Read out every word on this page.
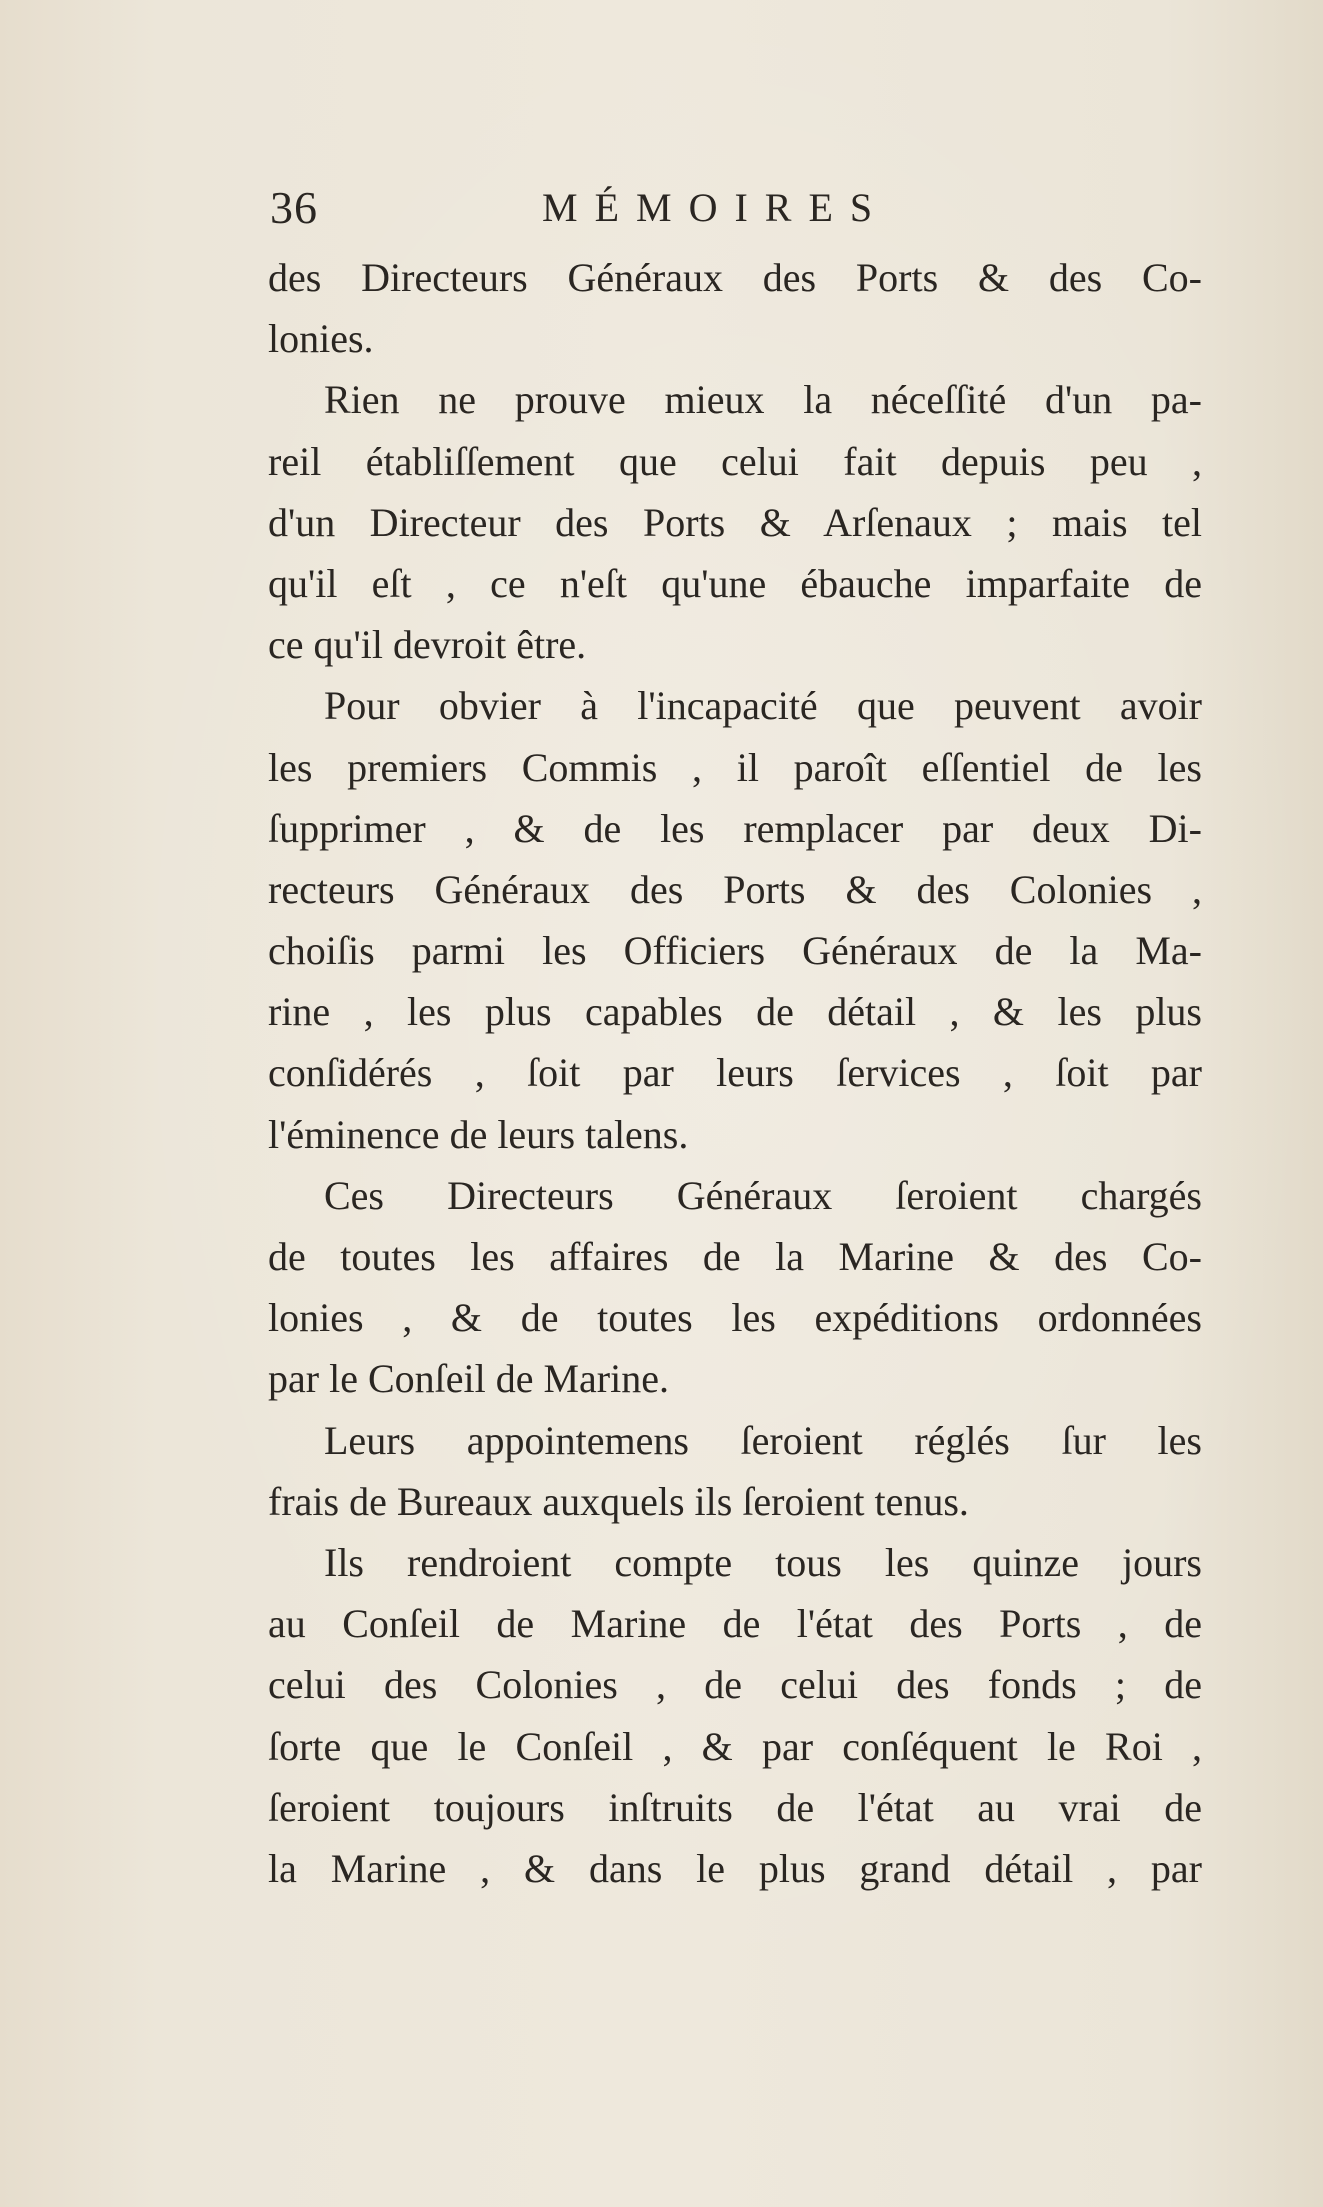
36	MÉMOIRES
des Directeurs Généraux des Ports & des Co-
lonies.
Rien ne prouve mieux la néceſſité d'un pa-
reil établiſſement que celui fait depuis peu ,
d'un Directeur des Ports & Arſenaux ; mais tel
qu'il eſt , ce n'eſt qu'une ébauche imparfaite de
ce qu'il devroit être.
Pour obvier à l'incapacité que peuvent avoir
les premiers Commis , il paroît eſſentiel de les
ſupprimer , & de les remplacer par deux Di-
recteurs Généraux des Ports & des Colonies ,
choiſis parmi les Officiers Généraux de la Ma-
rine , les plus capables de détail , & les plus
conſidérés , ſoit par leurs ſervices , ſoit par
l'éminence de leurs talens.
Ces Directeurs Généraux ſeroient chargés
de toutes les affaires de la Marine & des Co-
lonies , & de toutes les expéditions ordonnées
par le Conſeil de Marine.
Leurs appointemens ſeroient réglés ſur les
frais de Bureaux auxquels ils ſeroient tenus.
Ils rendroient compte tous les quinze jours
au Conſeil de Marine de l'état des Ports , de
celui des Colonies , de celui des fonds ; de
ſorte que le Conſeil , & par conſéquent le Roi ,
ſeroient toujours inſtruits de l'état au vrai de
la Marine , & dans le plus grand détail , par
